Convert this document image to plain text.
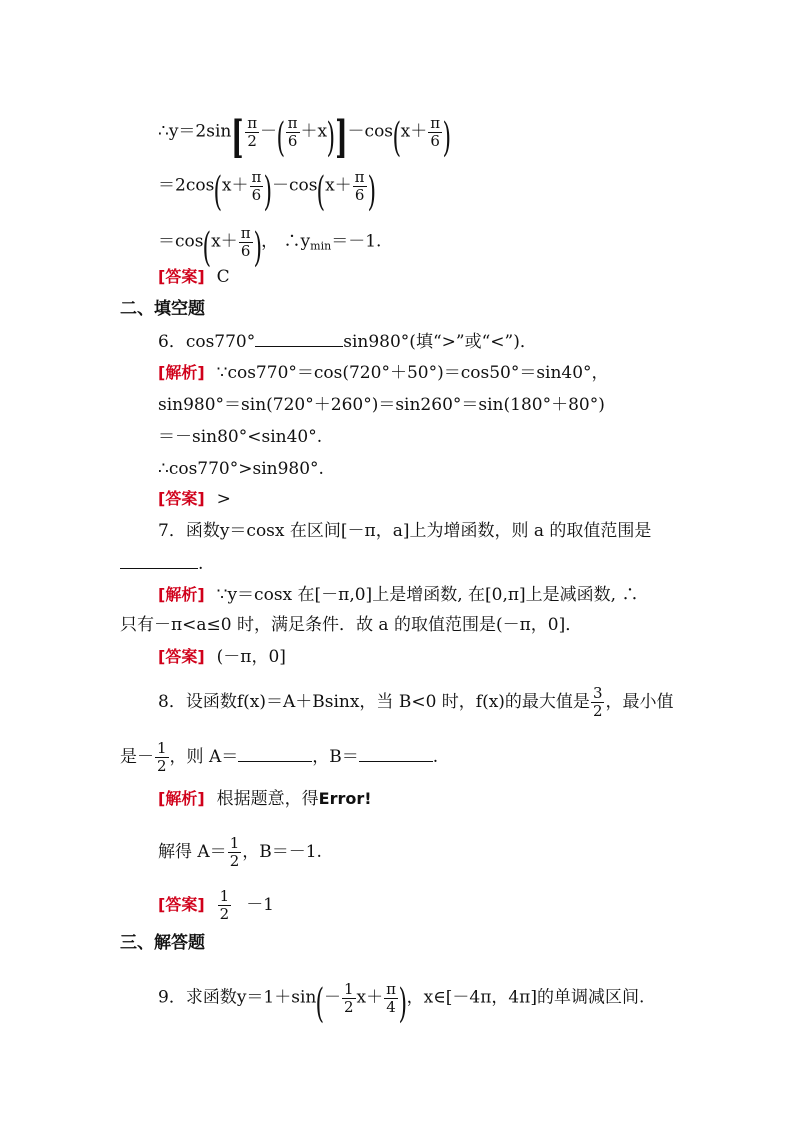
∴y＝2sin[ $\frac{\pi}{2}$ －( $\frac{\pi}{6} +x)]-\cos(x+ \frac{\pi}{6}$ )
$=2\cos(x+ \frac{\pi}{6} )-\cos(x+ \frac{\pi}{6}$ )
$=\cos(x+ \frac{\pi}{6}$ )， $\therefore y_{min}=-1$.
[答案] C
二、填空题
6．cos770°	sin980°(填“>”或“<”)．
[解析] ∵cos770°＝cos(720°＋50°)＝cos50°＝sin40°，
sin980°＝sin(720°＋260°)＝sin260°＝sin(180°＋80°)
＝－sin80°<sin40°.
∴cos770°>sin980°.
[答案] >
7．函数y＝cosx 在区间[－π，a]上为增函数，则 a 的取值范围是
.
[解析] ∵y＝cosx 在[－π,0]上是增函数, 在[0,π]上是减函数, ∴
只有－π<a≤0 时，满足条件．故 a 的取值范围是(－π，0]．
[答案] (－π，0]
8．设函数f(x)＝A＋Bsinx，当 B<0 时，f(x)的最大值是 $\frac{3}{2}$ ，最小值
是－ $\frac{1}{2}$ ，则 A＝	，B＝	.
[解析] 根据题意，得Error!
解得 $A= \frac{1}{2}$ ，B＝－1.
[答案] $\frac{1}{2} -1$
三、解答题
9．求函数$y=1+\sin(- \frac{1}{2} x+ \frac{\pi}{4}$ )，x∈[－4π，4π]的单调减区间.
